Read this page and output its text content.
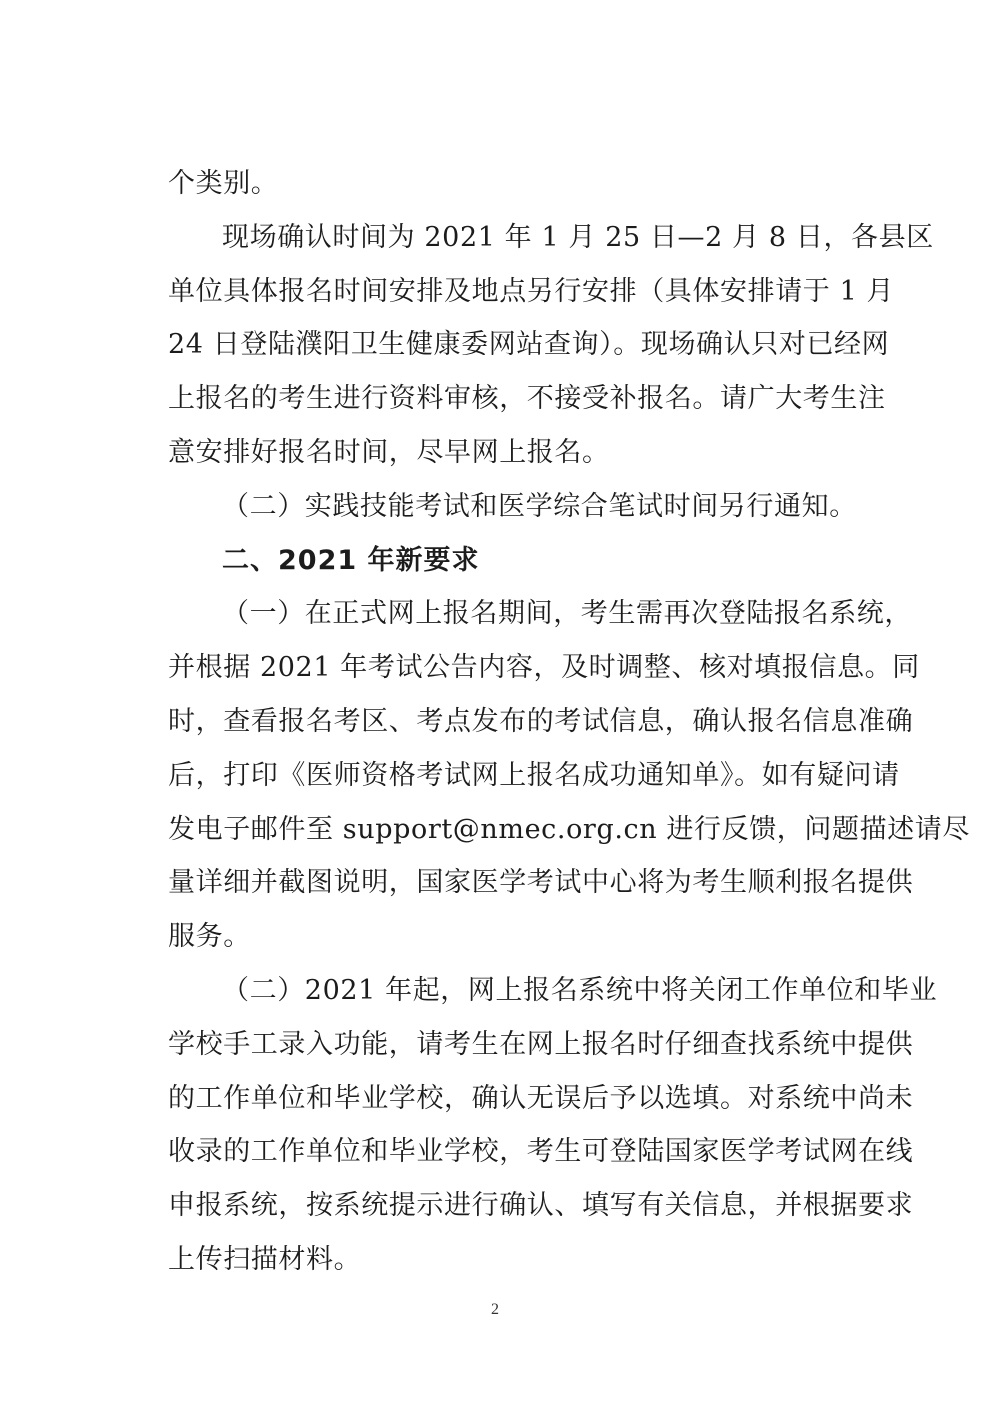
个类别。
现场确认时间为 2021 年 1 月 25 日—2 月 8 日，各县区
单位具体报名时间安排及地点另行安排（具体安排请于 1 月
24 日登陆濮阳卫生健康委网站查询）。现场确认只对已经网
上报名的考生进行资料审核，不接受补报名。请广大考生注
意安排好报名时间，尽早网上报名。
（二）实践技能考试和医学综合笔试时间另行通知。
二、2021 年新要求
（一）在正式网上报名期间，考生需再次登陆报名系统，
并根据 2021 年考试公告内容，及时调整、核对填报信息。同
时，查看报名考区、考点发布的考试信息，确认报名信息准确
后，打印《医师资格考试网上报名成功通知单》。如有疑问请
发电子邮件至 support@nmec.org.cn 进行反馈，问题描述请尽
量详细并截图说明，国家医学考试中心将为考生顺利报名提供
服务。
（二）2021 年起，网上报名系统中将关闭工作单位和毕业
学校手工录入功能，请考生在网上报名时仔细查找系统中提供
的工作单位和毕业学校，确认无误后予以选填。对系统中尚未
收录的工作单位和毕业学校，考生可登陆国家医学考试网在线
申报系统，按系统提示进行确认、填写有关信息，并根据要求
上传扫描材料。
2
